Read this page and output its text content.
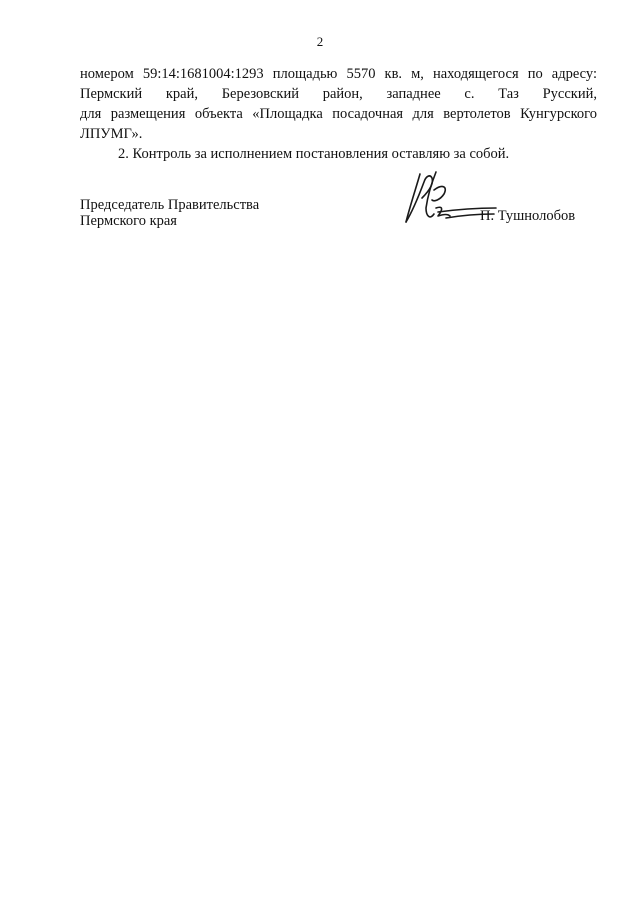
2
номером 59:14:1681004:1293 площадью 5570 кв. м, находящегося по адресу:
Пермский край, Березовский район, западнее с. Таз Русский,
для размещения объекта «Площадка посадочная для вертолетов Кунгурского
ЛПУМГ».
2. Контроль за исполнением постановления оставляю за собой.
Председатель Правительства
Пермского края	П. Тушнолобов
